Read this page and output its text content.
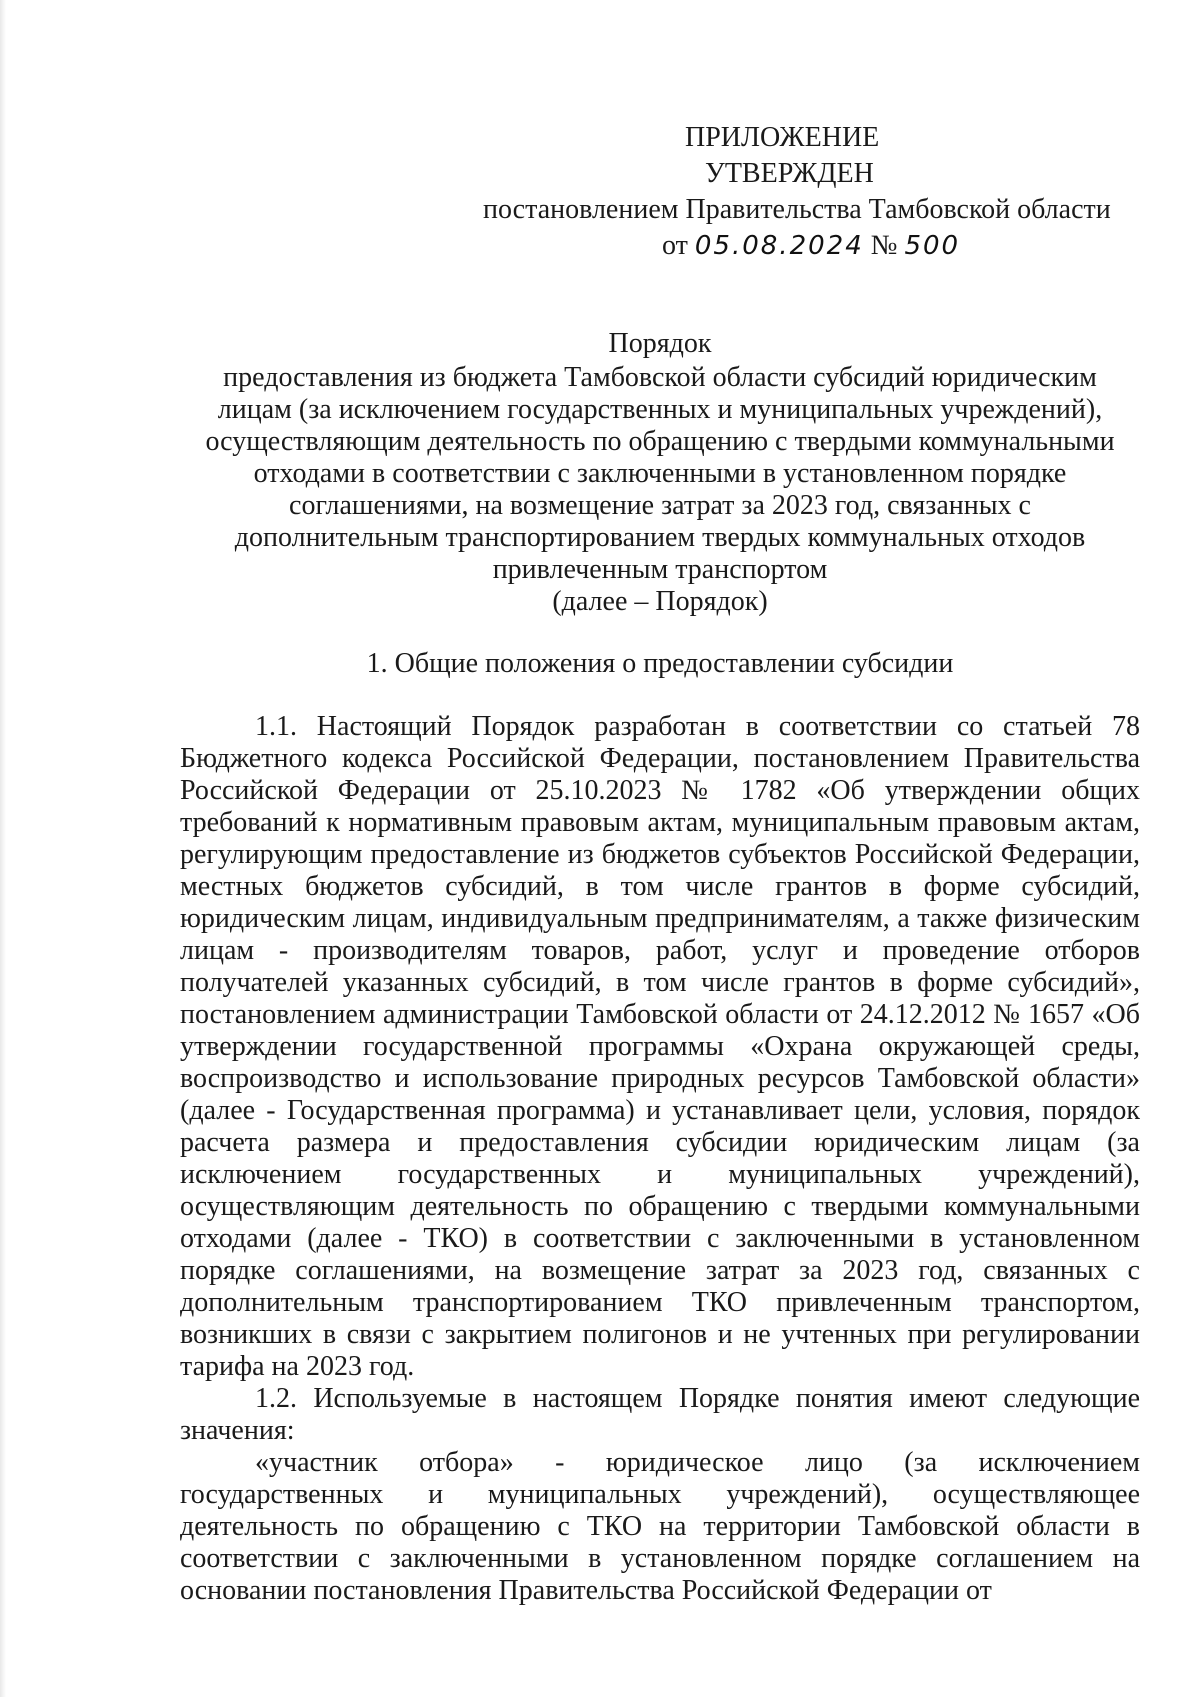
ПРИЛОЖЕНИЕ
УТВЕРЖДЕН
постановлением Правительства Тамбовской области
от 05.08.2024 № 500
Порядок
предоставления из бюджета Тамбовской области субсидий юридическим
лицам (за исключением государственных и муниципальных учреждений),
осуществляющим деятельность по обращению с твердыми коммунальными
отходами в соответствии с заключенными в установленном порядке
соглашениями, на возмещение затрат за 2023 год, связанных с
дополнительным транспортированием твердых коммунальных отходов
привлеченным транспортом
(далее – Порядок)
1. Общие положения о предоставлении субсидии

1.1. Настоящий Порядок разработан в соответствии со статьей 78 Бюджетного кодекса Российской Федерации, постановлением Правительства Российской Федерации от 25.10.2023 № 1782 «Об утверждении общих требований к нормативным правовым актам, муниципальным правовым актам, регулирующим предоставление из бюджетов субъектов Российской Федерации, местных бюджетов субсидий, в том числе грантов в форме субсидий, юридическим лицам, индивидуальным предпринимателям, а также физическим лицам - производителям товаров, работ, услуг и проведение отборов получателей указанных субсидий, в том числе грантов в форме субсидий», постановлением администрации Тамбовской области от 24.12.2012 № 1657 «Об утверждении государственной программы «Охрана окружающей среды, воспроизводство и использование природных ресурсов Тамбовской области» (далее - Государственная программа) и устанавливает цели, условия, порядок расчета размера и предоставления субсидии юридическим лицам (за исключением государственных и муниципальных учреждений), осуществляющим деятельность по обращению с твердыми коммунальными отходами (далее - ТКО) в соответствии с заключенными в установленном порядке соглашениями, на возмещение затрат за 2023 год, связанных с дополнительным транспортированием ТКО привлеченным транспортом, возникших в связи с закрытием полигонов и не учтенных при регулировании тарифа на 2023 год.

1.2. Используемые в настоящем Порядке понятия имеют следующие значения:

«участник отбора» - юридическое лицо (за исключением государственных и муниципальных учреждений), осуществляющее деятельность по обращению с ТКО на территории Тамбовской области в соответствии с заключенными в установленном порядке соглашением на основании постановления Правительства Российской Федерации от
